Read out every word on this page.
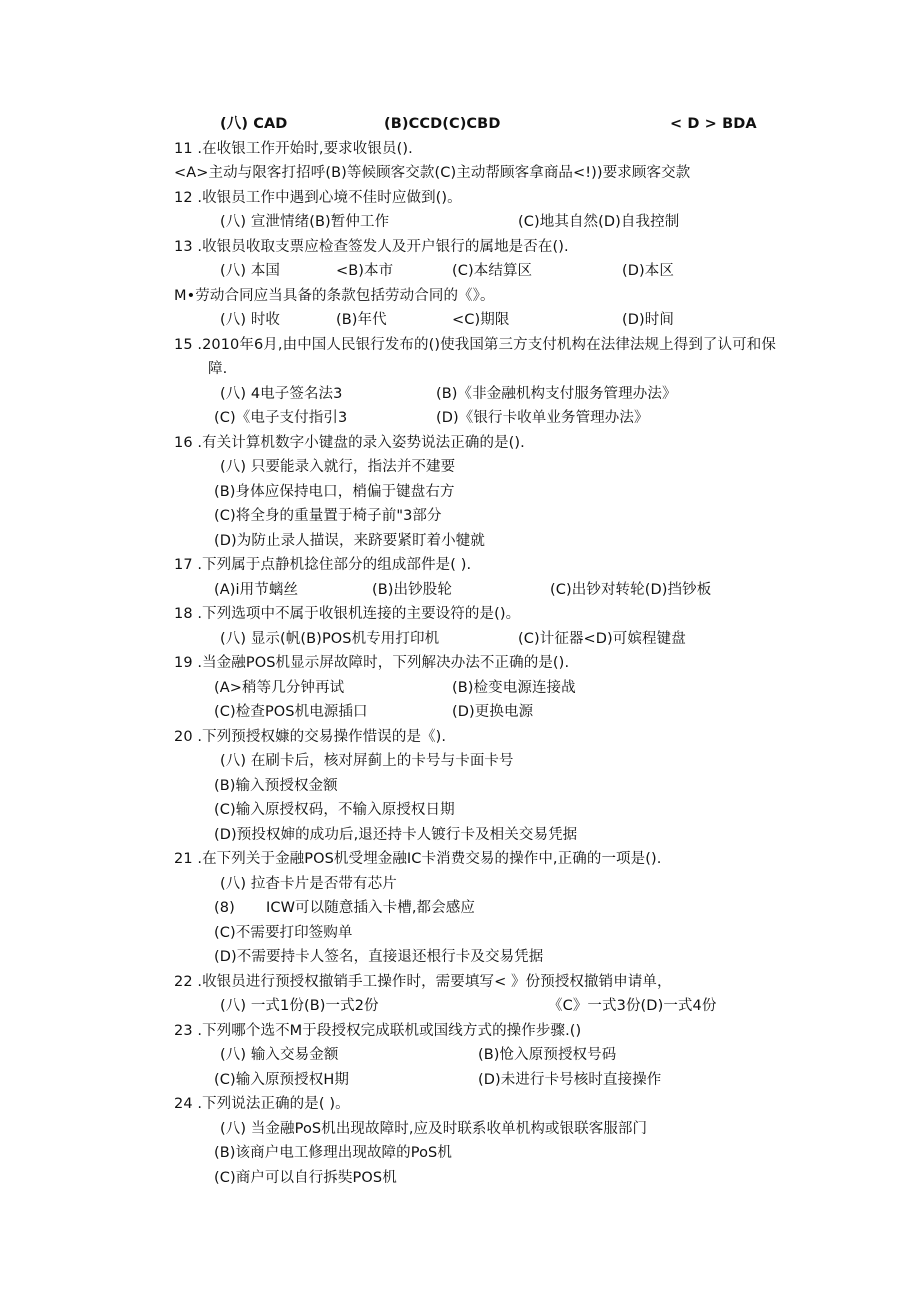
(八) CAD	(B)CCD(C)CBD	< D > BDA
11 .在收银工作开始时,要求收银员().
<A>主动与限客打招呼(B)等候顾客交款(C)主动帮顾客拿商品<!))要求顾客交款
12 .收银员工作中遇到心境不佳时应做到()。
(八) 宣泄情绪(B)暂仲工作	(C)地其自然(D)自我控制
13 .收银员收取支票应检查签发人及开户银行的属地是否在().
(八) 本国	<B)本市	(C)本结算区	(D)本区
M•劳动合同应当具备的条款包括劳动合同的《》。
(八) 时收	(B)年代	<C)期限	(D)时间
15 .2010年6月,由中国人民银行发布的()使我国第三方支付机构在法律法规上得到了认可和保
障.
(八) 4电子签名法3	(B)《非金融机构支付服务管理办法》
(C)《电子支付指引3	(D)《银行卡收单业务管理办法》
16 .有关计算机数字小键盘的录入姿势说法正确的是().
(八) 只要能录入就行，指法并不建要
(B)身体应保持电口，梢偏于键盘右方
(C)将全身的重量置于椅子前"3部分
(D)为防止录人描误，来跻要紧盯着小犍就
17 .下列属于点静机捻住部分的组成部件是( ).
(A)i用节螭丝	(B)出钞股轮	(C)出钞对转轮(D)挡钞板
18 .下列选项中不属于收银机连接的主要设符的是()。
(八) 显示(帆(B)POS机专用打印机	(C)计征器<D)可嫔程键盘
19 .当金融POS机显示屏故障时，下列解决办法不正确的是().
(A>稍等几分钟再试	(B)检变电源连接战
(C)检查POS机电源插口	(D)更换电源
20 .下列预授权嫝的交易操作惜误的是《).
(八) 在刷卡后，核对屏蓟上的卡号与卡面卡号
(B)输入预授权金额
(C)输入原授权码，不输入原授权日期
(D)预投权婶的成功后,退还持卡人镀行卡及相关交易凭据
21 .在下列关于金融POS机受埋金融IC卡消费交易的操作中,正确的一项是().
(八) 拉杳卡片是否带有芯片
(8) ICW可以随意插入卡槽,都会感应
(C)不需要打印签购单
(D)不需要持卡人签名，直接退还根行卡及交易凭据
22 .收银员进行预授权撤销手工操作时，需要填写< 》份预授权撤销申请单，
(八) 一式1份(B)一式2份	《C》一式3份(D)一式4份
23 .下列哪个选不M于段授权完成联机或国线方式的操作步骤.()
(八) 输入交易金额	(B)怆入原预授权号码
(C)输入原预授权H期	(D)未进行卡号核时直接操作
24 .下列说法正确的是( )。
(八) 当金融PoS机出现故障时,应及时联系收单机构或银联客服部门
(B)该商户电工修理出现故障的PoS机
(C)商户可以自行拆奘POS机
